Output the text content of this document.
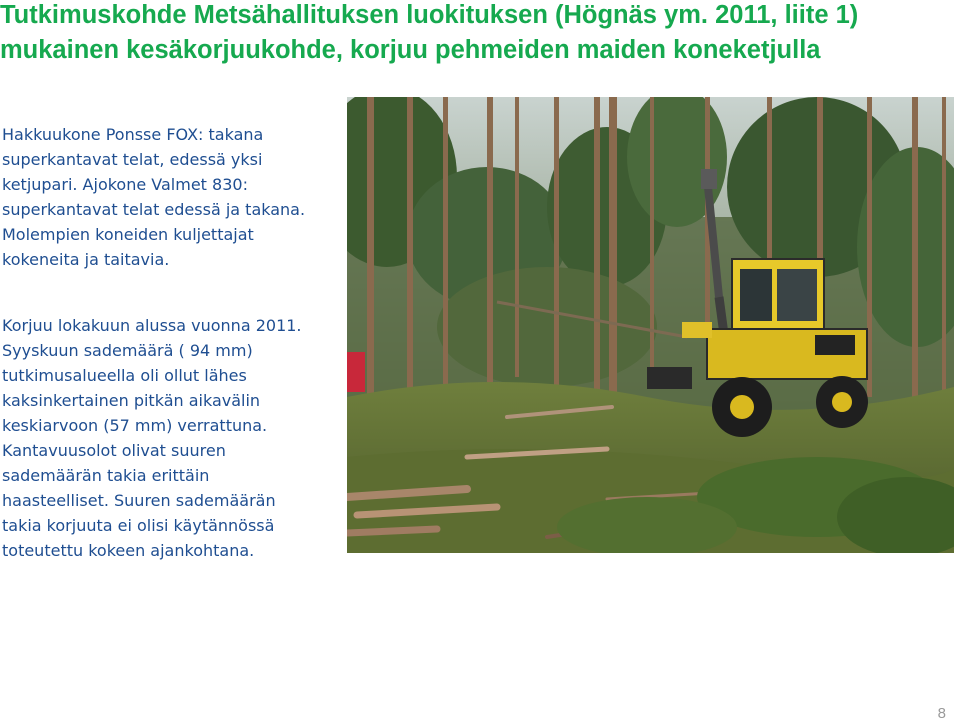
Tutkimuskohde Metsähallituksen luokituksen (Högnäs ym. 2011, liite 1)
mukainen kesäkorjuukohde, korjuu pehmeiden maiden koneketjulla
Hakkuukone Ponsse FOX: takana
superkantavat telat, edessä yksi
ketjupari. Ajokone Valmet 830:
superkantavat telat edessä ja takana.
Molempien koneiden kuljettajat
kokeneita ja taitavia.
Korjuu lokakuun alussa vuonna 2011.
Syyskuun sademäärä ( 94 mm)
tutkimusalueella oli ollut lähes
kaksinkertainen pitkän aikavälin
keskiarvoon (57 mm) verrattuna.
Kantavuusolot olivat suuren
sademäärän takia erittäin
haasteelliset. Suuren sademäärän
takia korjuuta ei olisi käytännössä
toteutettu kokeen ajankohtana.
8
